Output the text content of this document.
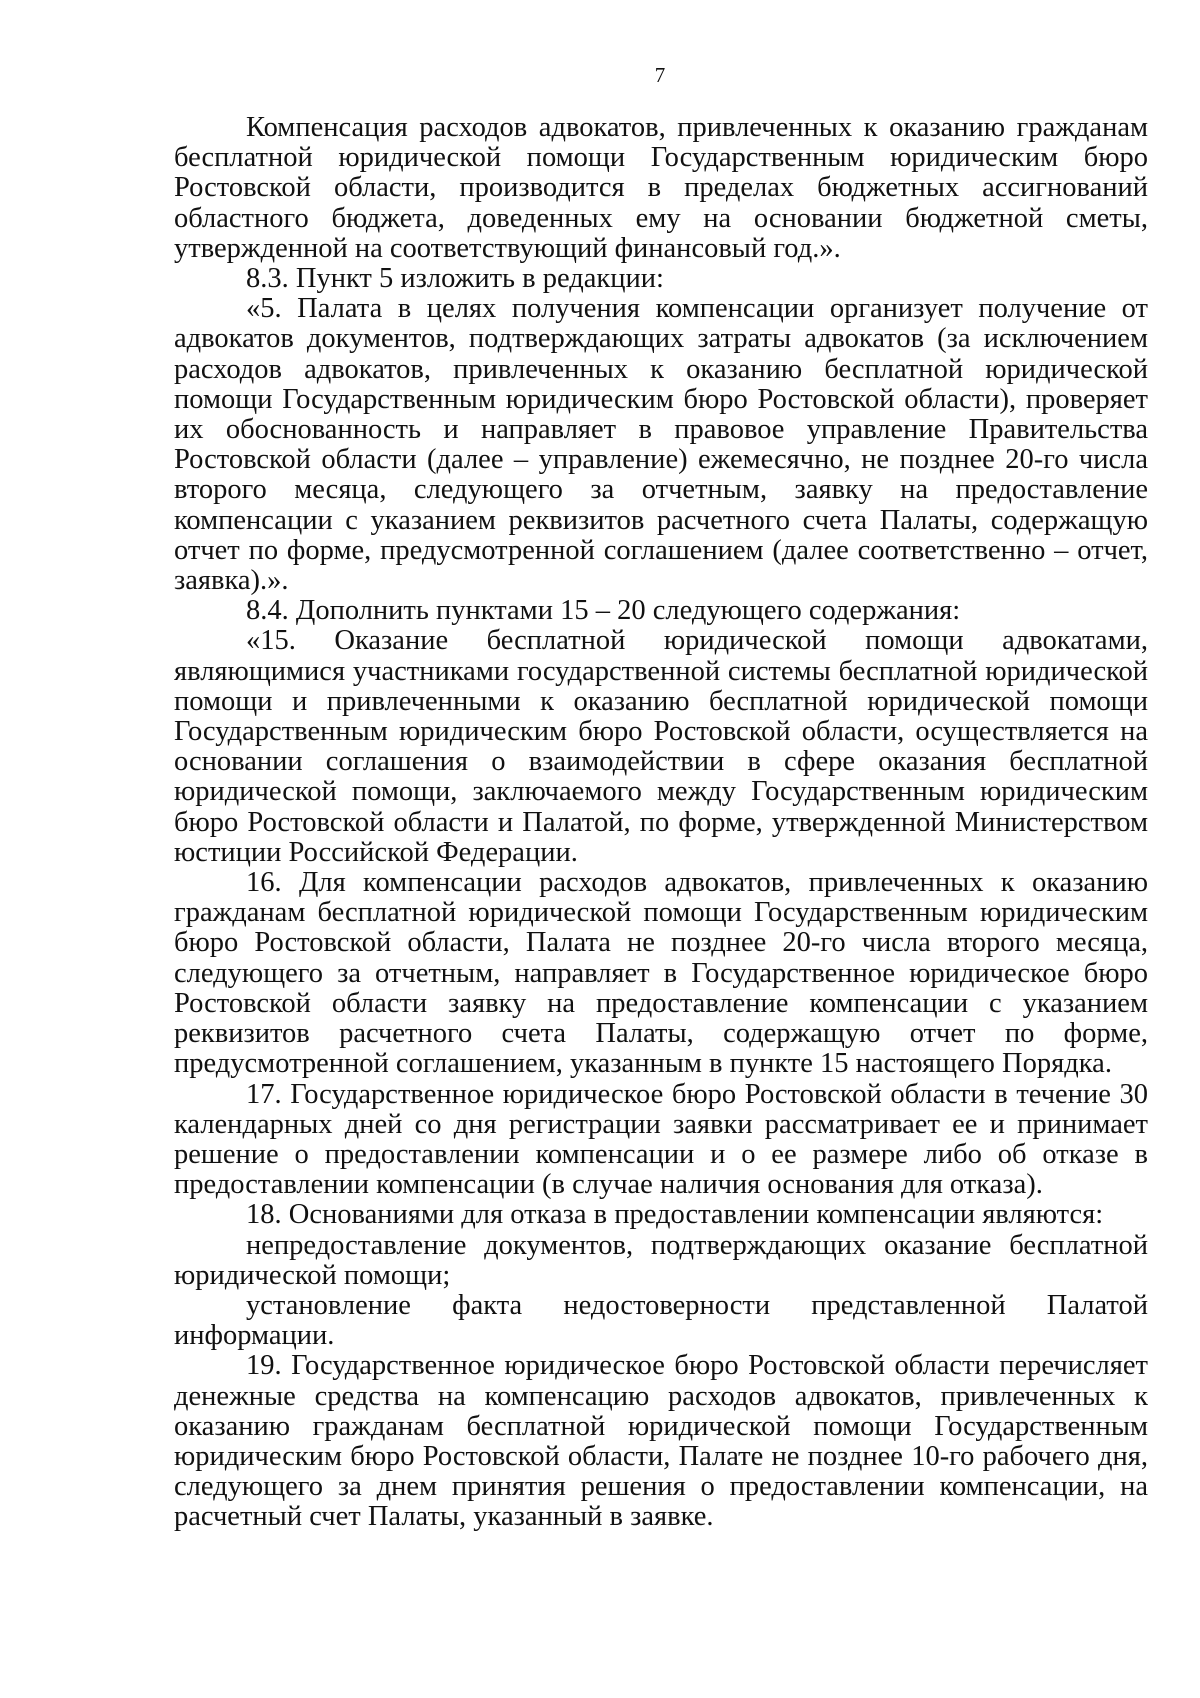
7

Компенсация расходов адвокатов, привлеченных к оказанию гражданам бесплатной юридической помощи Государственным юридическим бюро Ростовской области, производится в пределах бюджетных ассигнований областного бюджета, доведенных ему на основании бюджетной сметы, утвержденной на соответствующий финансовый год.».

8.3. Пункт 5 изложить в редакции:

«5. Палата в целях получения компенсации организует получение от адвокатов документов, подтверждающих затраты адвокатов (за исключением расходов адвокатов, привлеченных к оказанию бесплатной юридической помощи Государственным юридическим бюро Ростовской области), проверяет их обоснованность и направляет в правовое управление Правительства Ростовской области (далее – управление) ежемесячно, не позднее 20-го числа второго месяца, следующего за отчетным, заявку на предоставление компенсации с указанием реквизитов расчетного счета Палаты, содержащую отчет по форме, предусмотренной соглашением (далее соответственно – отчет, заявка).».

8.4. Дополнить пунктами 15 – 20 следующего содержания:

«15. Оказание бесплатной юридической помощи адвокатами, являющимися участниками государственной системы бесплатной юридической помощи и привлеченными к оказанию бесплатной юридической помощи Государственным юридическим бюро Ростовской области, осуществляется на основании соглашения о взаимодействии в сфере оказания бесплатной юридической помощи, заключаемого между Государственным юридическим бюро Ростовской области и Палатой, по форме, утвержденной Министерством юстиции Российской Федерации.

16. Для компенсации расходов адвокатов, привлеченных к оказанию гражданам бесплатной юридической помощи Государственным юридическим бюро Ростовской области, Палата не позднее 20-го числа второго месяца, следующего за отчетным, направляет в Государственное юридическое бюро Ростовской области заявку на предоставление компенсации с указанием реквизитов расчетного счета Палаты, содержащую отчет по форме, предусмотренной соглашением, указанным в пункте 15 настоящего Порядка.

17. Государственное юридическое бюро Ростовской области в течение 30 календарных дней со дня регистрации заявки рассматривает ее и принимает решение о предоставлении компенсации и о ее размере либо об отказе в предоставлении компенсации (в случае наличия основания для отказа).

18. Основаниями для отказа в предоставлении компенсации являются:

непредоставление документов, подтверждающих оказание бесплатной юридической помощи;

установление факта недостоверности представленной Палатой информации.

19. Государственное юридическое бюро Ростовской области перечисляет денежные средства на компенсацию расходов адвокатов, привлеченных к оказанию гражданам бесплатной юридической помощи Государственным юридическим бюро Ростовской области, Палате не позднее 10-го рабочего дня, следующего за днем принятия решения о предоставлении компенсации, на расчетный счет Палаты, указанный в заявке.
